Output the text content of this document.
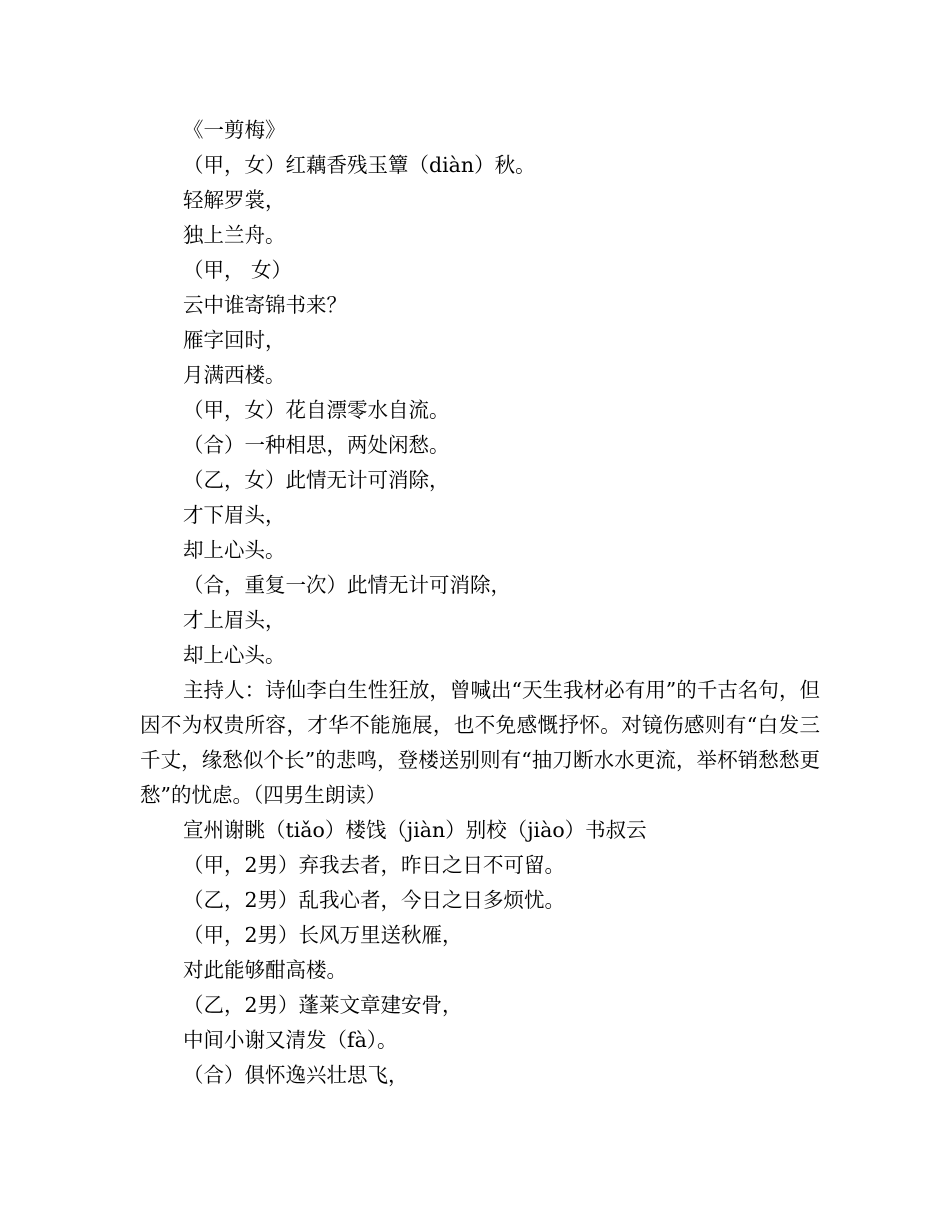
《一剪梅》
（甲，女）红藕香残玉簟（diàn）秋。
轻解罗裳，
独上兰舟。
（甲， 女）
云中谁寄锦书来？
雁字回时，
月满西楼。
（甲，女）花自漂零水自流。
（合）一种相思，两处闲愁。
（乙，女）此情无计可消除，
才下眉头，
却上心头。
（合，重复一次）此情无计可消除，
才上眉头，
却上心头。
主持人：诗仙李白生性狂放，曾喊出“天生我材必有用”的千古名句，但因不为权贵所容，才华不能施展，也不免感慨抒怀。对镜伤感则有“白发三千丈，缘愁似个长”的悲鸣，登楼送别则有“抽刀断水水更流，举杯销愁愁更愁”的忧虑。（四男生朗读）
宣州谢眺（tiǎo）楼饯（jiàn）别校（jiào）书叔云
（甲，2男）弃我去者，昨日之日不可留。
（乙，2男）乱我心者，今日之日多烦忧。
（甲，2男）长风万里送秋雁，
对此能够酣高楼。
（乙，2男）蓬莱文章建安骨，
中间小谢又清发（fà）。
（合）俱怀逸兴壮思飞，
